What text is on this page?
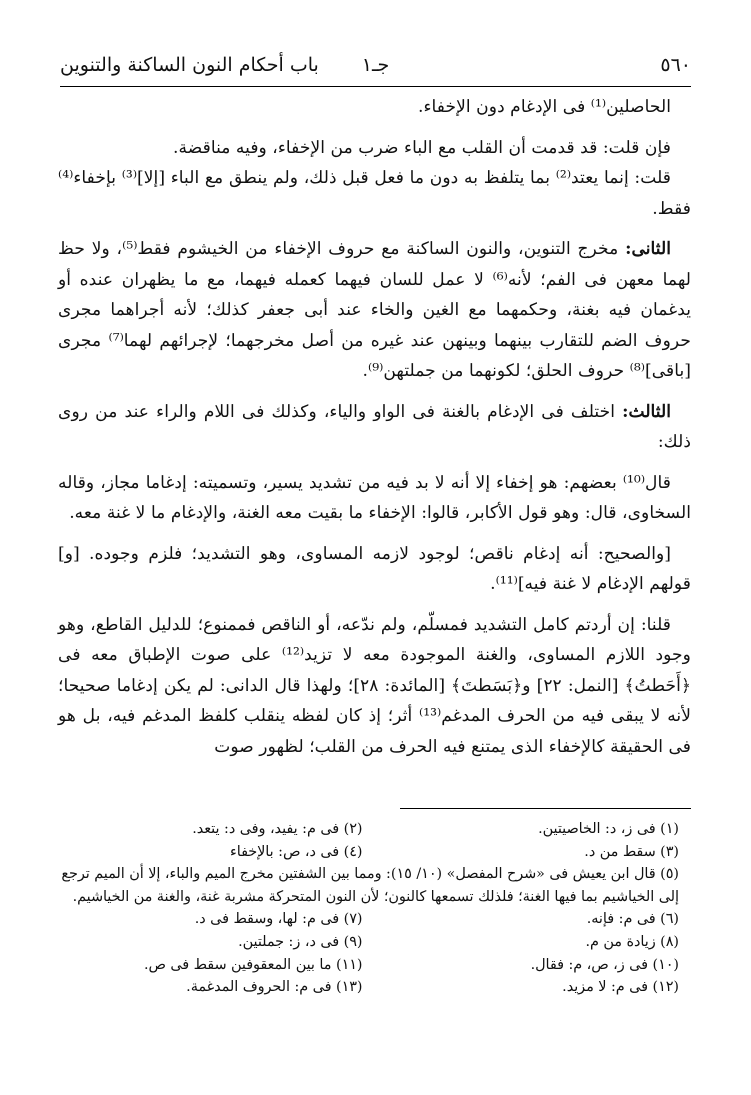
٥٦٠
جـ١
باب أحكام النون الساكنة والتنوين

الحاصلين⁽¹⁾ فى الإدغام دون الإخفاء.

فإن قلت: قد قدمت أن القلب مع الباء ضرب من الإخفاء، وفيه مناقضة.

قلت: إنما يعتد⁽²⁾ بما يتلفظ به دون ما فعل قبل ذلك، ولم ينطق مع الباء [إلا]⁽³⁾ بإخفاء⁽⁴⁾ فقط.

الثانى: مخرج التنوين، والنون الساكنة مع حروف الإخفاء من الخيشوم فقط⁽⁵⁾، ولا حظ لهما معهن فى الفم؛ لأنه⁽⁶⁾ لا عمل للسان فيهما كعمله فيهما، مع ما يظهران عنده أو يدغمان فيه بغنة، وحكمهما مع الغين والخاء عند أبى جعفر كذلك؛ لأنه أجراهما مجرى حروف الضم للتقارب بينهما وبينهن عند غيره من أصل مخرجهما؛ لإجرائهم لهما⁽⁷⁾ مجرى [باقى]⁽⁸⁾ حروف الحلق؛ لكونهما من جملتهن⁽⁹⁾.

الثالث: اختلف فى الإدغام بالغنة فى الواو والياء، وكذلك فى اللام والراء عند من روى ذلك:

قال⁽¹⁰⁾ بعضهم: هو إخفاء إلا أنه لا بد فيه من تشديد يسير، وتسميته: إدغاما مجاز، وقاله السخاوى، قال: وهو قول الأكابر، قالوا: الإخفاء ما بقيت معه الغنة، والإدغام ما لا غنة معه.

[والصحيح: أنه إدغام ناقص؛ لوجود لازمه المساوى، وهو التشديد؛ فلزم وجوده. [و] قولهم الإدغام لا غنة فيه]⁽¹¹⁾.

قلنا: إن أردتم كامل التشديد فمسلّم، ولم ندّعه، أو الناقص فممنوع؛ للدليل القاطع، وهو وجود اللازم المساوى، والغنة الموجودة معه لا تزيد⁽¹²⁾ على صوت الإطباق معه فى ﴿أَحَطتُ﴾ [النمل: ٢٢] و﴿بَسَطتَ﴾ [المائدة: ٢٨]؛ ولهذا قال الدانى: لم يكن إدغاما صحيحا؛ لأنه لا يبقى فيه من الحرف المدغم⁽¹³⁾ أثر؛ إذ كان لفظه ينقلب كلفظ المدغم فيه، بل هو فى الحقيقة كالإخفاء الذى يمتنع فيه الحرف من القلب؛ لظهور صوت

(١) فى ز، د: الخاصيتين.
(٢) فى م: يفيد، وفى د: يتعد.
(٣) سقط من د.
(٤) فى د، ص: بالإخفاء
(٥) قال ابن يعيش فى «شرح المفصل» (١٠/ ١٥): ومما بين الشفتين مخرج الميم والباء، إلا أن الميم ترجع إلى الخياشيم بما فيها الغنة؛ فلذلك تسمعها كالنون؛ لأن النون المتحركة مشربة غنة، والغنة من الخياشيم.
(٦) فى م: فإنه.
(٧) فى م: لها، وسقط فى د.
(٨) زيادة من م.
(٩) فى د، ز: جملتين.
(١٠) فى ز، ص، م: فقال.
(١١) ما بين المعقوفين سقط فى ص.
(١٢) فى م: لا مزيد.
(١٣) فى م: الحروف المدغمة.
